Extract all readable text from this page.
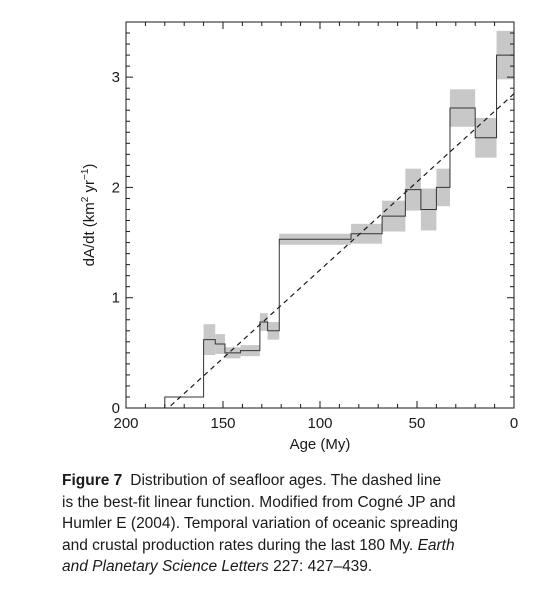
200	150	100	50	0
0
1
2
3
Age (My)
dA/dt ($km^2$ $yr^{-1}$)
Figure 7 Distribution of seafloor ages. The dashed line
is the best-fit linear function. Modified from Cogné JP and
Humler E (2004). Temporal variation of oceanic spreading
and crustal production rates during the last 180 My. Earth
and Planetary Science Letters 227: 427–439.
